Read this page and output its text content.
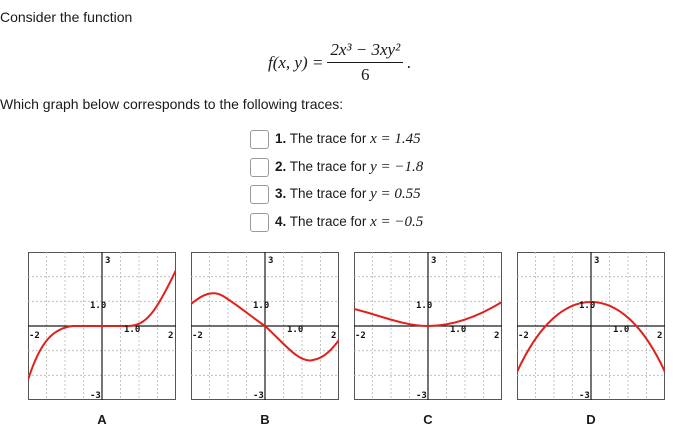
Consider the function
f(x, $y) = \frac{\text{2x³ − 3xy²}}{6}$ .
Which graph below corresponds to the following traces:
1. The trace for x = 1.45
2. The trace for y = −1.8
3. The trace for y = 0.55
4. The trace for x = −0.5
3
1.0
1.0
-2	2
-3
A
3
1.0
1.0
-2	2
-3
B
3
1.0
1.0
-2	2
-3
C
3
1.0
1.0
-2	2
-3
D
